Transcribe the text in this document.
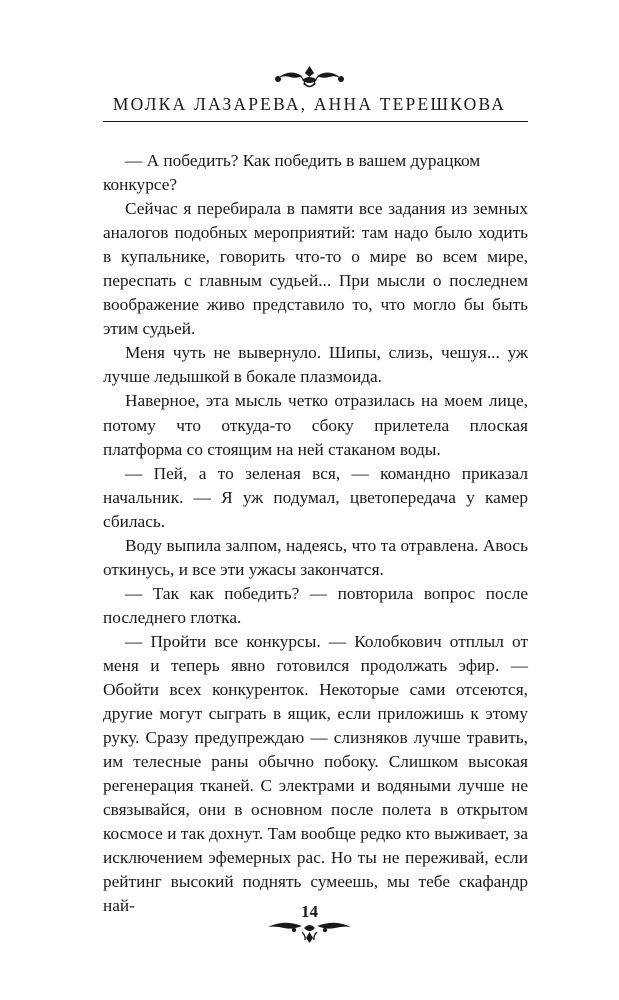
МОЛКА ЛАЗАРЕВА, АННА ТЕРЕШКОВА

— А победить? Как победить в вашем дурацком конкурсе?

Сейчас я перебирала в памяти все задания из земных аналогов подобных мероприятий: там надо было ходить в купальнике, говорить что-то о мире во всем мире, переспать с главным судьей... При мысли о последнем воображение живо представило то, что могло бы быть этим судьей.

Меня чуть не вывернуло. Шипы, слизь, чешуя... уж лучше ледышкой в бокале плазмоида.

Наверное, эта мысль четко отразилась на моем лице, потому что откуда-то сбоку прилетела плоская платформа со стоящим на ней стаканом воды.

— Пей, а то зеленая вся, — командно приказал начальник. — Я уж подумал, цветопередача у камер сбилась.

Воду выпила залпом, надеясь, что та отравлена. Авось откинусь, и все эти ужасы закончатся.

— Так как победить? — повторила вопрос после последнего глотка.

— Пройти все конкурсы. — Колобкович отплыл от меня и теперь явно готовился продолжать эфир. — Обойти всех конкуренток. Некоторые сами отсеются, другие могут сыграть в ящик, если приложишь к этому руку. Сразу предупреждаю — слизняков лучше травить, им телесные раны обычно побоку. Слишком высокая регенерация тканей. С электрами и водяными лучше не связывайся, они в основном после полета в открытом космосе и так дохнут. Там вообще редко кто выживает, за исключением эфемерных рас. Но ты не переживай, если рейтинг высокий поднять сумеешь, мы тебе скафандр най-	14
